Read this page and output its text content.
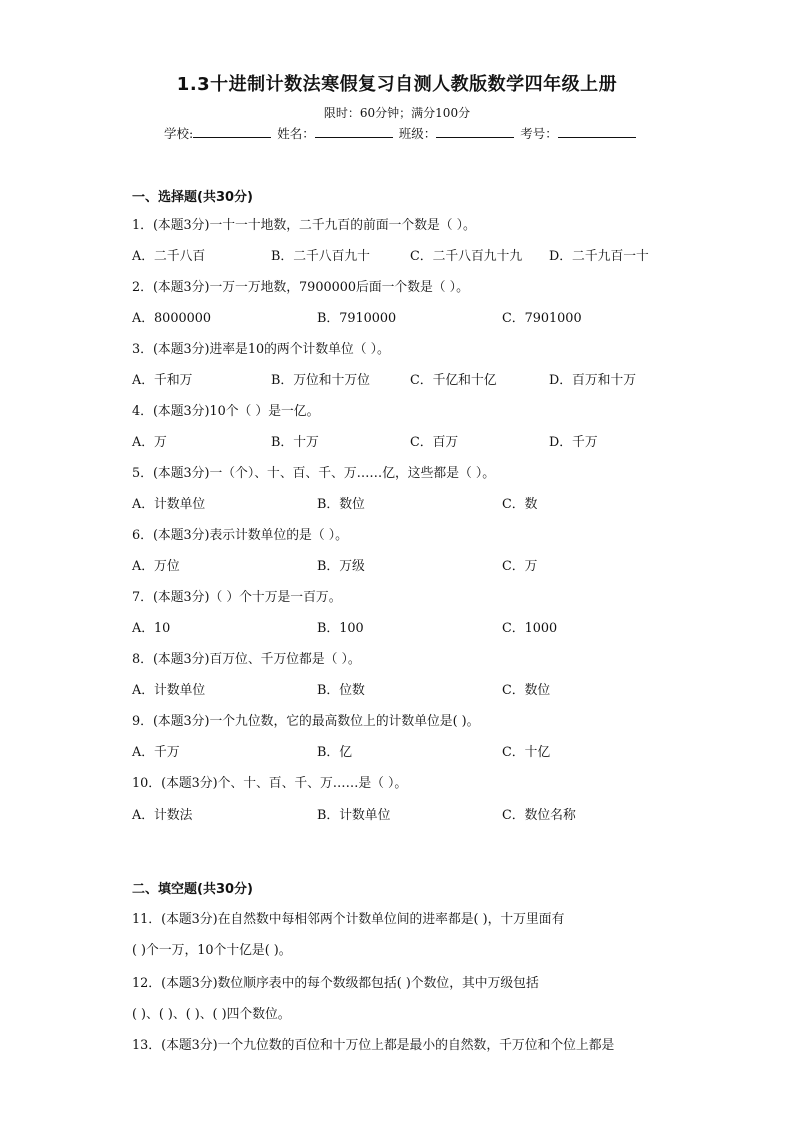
1.3十进制计数法寒假复习自测人教版数学四年级上册
限时：60分钟；满分100分
学校:	姓名：	班级：	考号：
一、选择题(共30分)
1．(本题3分)一十一十地数，二千九百的前面一个数是（ ）。
A．二千八百	B．二千八百九十	C．二千八百九十九 D．二千九百一十
2．(本题3分)一万一万地数，7900000后面一个数是（ ）。
A．8000000	B．7910000	C．7901000
3．(本题3分)进率是10的两个计数单位（ ）。
A．千和万	B．万位和十万位	C．千亿和十亿	D．百万和十万
4．(本题3分)10个（ ）是一亿。
A．万	B．十万	C．百万	D．千万
5．(本题3分)一（个）、十、百、千、万……亿，这些都是（ ）。
A．计数单位	B．数位	C．数
6．(本题3分)表示计数单位的是（ ）。
A．万位	B．万级	C．万
7．(本题3分)（ ）个十万是一百万。
A．10	B．100	C．1000
8．(本题3分)百万位、千万位都是（ ）。
A．计数单位	B．位数	C．数位
9．(本题3分)一个九位数，它的最高数位上的计数单位是( )。
A．千万	B．亿	C．十亿
10．(本题3分)个、十、百、千、万……是（ ）。
A．计数法	B．计数单位	C．数位名称
二、填空题(共30分)
11．(本题3分)在自然数中每相邻两个计数单位间的进率都是( )，十万里面有
( )个一万，10个十亿是( )。
12．(本题3分)数位顺序表中的每个数级都包括( )个数位，其中万级包括
( )、( )、( )、( )四个数位。
13．(本题3分)一个九位数的百位和十万位上都是最小的自然数，千万位和个位上都是
